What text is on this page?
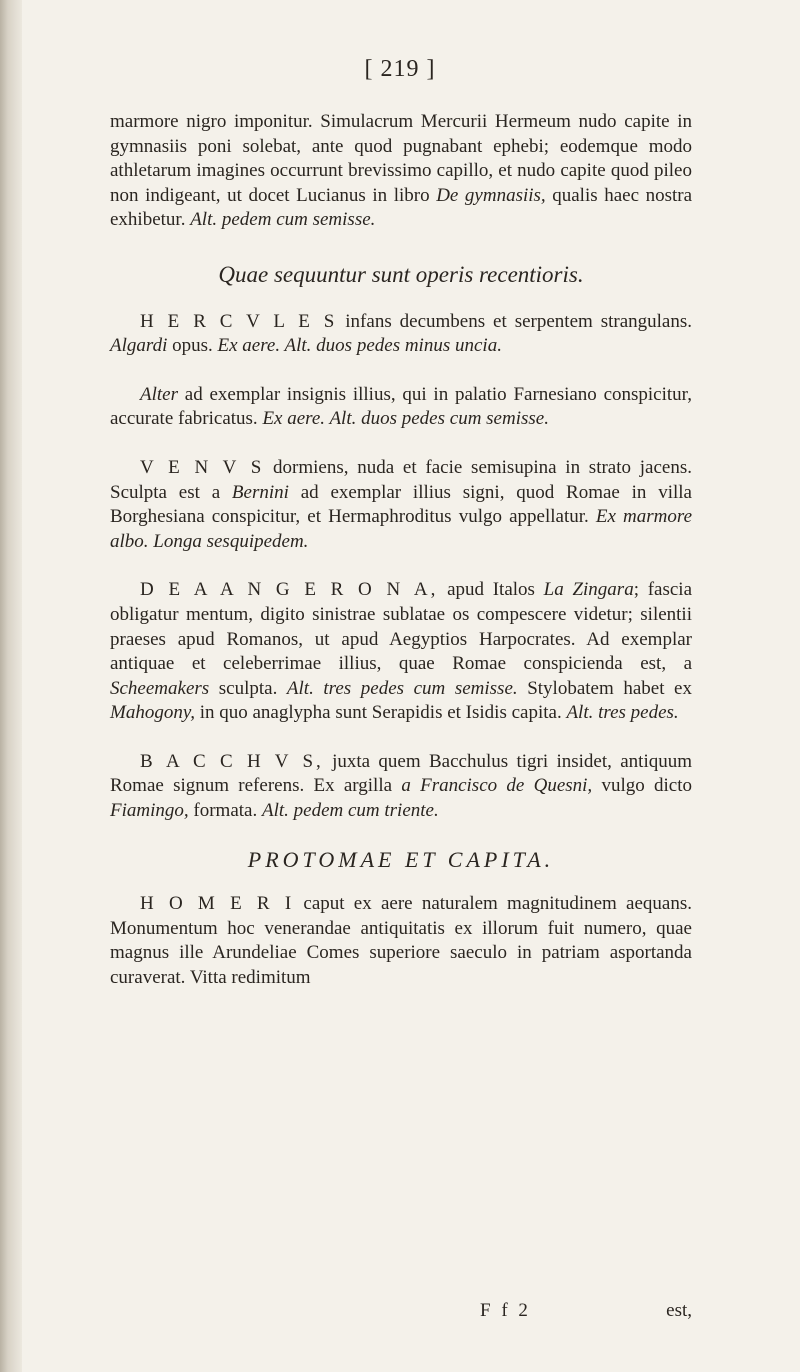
[ 219 ]

marmore nigro imponitur. Simulacrum Mercurii Hermeum nudo capite in gymnasiis poni solebat, ante quod pugnabant ephebi; eodemque modo athletarum imagines occurrunt brevissimo capillo, et nudo capite quod pileo non indigeant, ut docet Lucianus in libro De gymnasiis, qualis haec nostra exhibetur. Alt. pedem cum semisse.

Quae sequuntur sunt operis recentioris.

H E R C V L E S infans decumbens et serpentem strangulans. Algardi opus. Ex aere. Alt. duos pedes minus uncia.

Alter ad exemplar insignis illius, qui in palatio Farnesiano conspicitur, accurate fabricatus. Ex aere. Alt. duos pedes cum semisse.

V E N V S dormiens, nuda et facie semisupina in strato jacens. Sculpta est a Bernini ad exemplar illius signi, quod Romae in villa Borghesiana conspicitur, et Hermaphroditus vulgo appellatur. Ex marmore albo. Longa sesquipedem.

D E A A N G E R O N A, apud Italos La Zingara; fascia obligatur mentum, digito sinistrae sublatae os compescere videtur; silentii praeses apud Romanos, ut apud Aegyptios Harpocrates. Ad exemplar antiquae et celeberrimae illius, quae Romae conspicienda est, a Scheemakers sculpta. Alt. tres pedes cum semisse. Stylobatem habet ex Mahogony, in quo anaglypha sunt Serapidis et Isidis capita. Alt. tres pedes.

B A C C H V S, juxta quem Bacchulus tigri insidet, antiquum Romae signum referens. Ex argilla a Francisco de Quesni, vulgo dicto Fiamingo, formata. Alt. pedem cum triente.

PROTOMAE ET CAPITA.

H O M E R I caput ex aere naturalem magnitudinem aequans. Monumentum hoc venerandae antiquitatis ex illorum fuit numero, quae magnus ille Arundeliae Comes superiore saeculo in patriam asportanda curaverat. Vitta redimitum

F f 2	est,
